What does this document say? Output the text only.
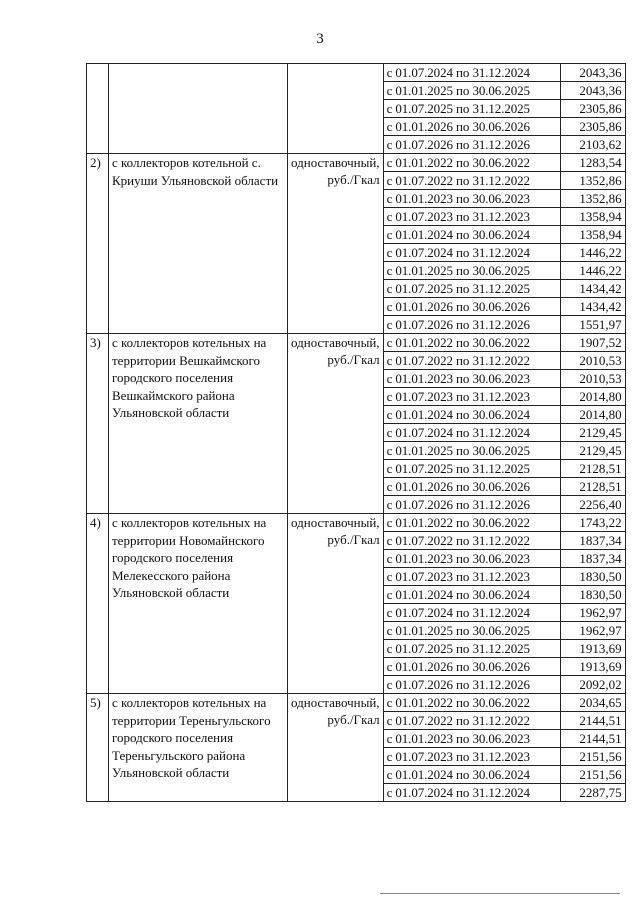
3
			с 01.07.2024 по 31.12.2024	2043,36
			с 01.01.2025 по 30.06.2025	2043,36
			с 01.07.2025 по 31.12.2025	2305,86
			с 01.01.2026 по 30.06.2026	2305,86
			с 01.07.2026 по 31.12.2026	2103,62
2)	с коллекторов котельной с. Криуши Ульяновской области	одноставочный, руб./Гкал	с 01.01.2022 по 30.06.2022	1283,54
			с 01.07.2022 по 31.12.2022	1352,86
			с 01.01.2023 по 30.06.2023	1352,86
			с 01.07.2023 по 31.12.2023	1358,94
			с 01.01.2024 по 30.06.2024	1358,94
			с 01.07.2024 по 31.12.2024	1446,22
			с 01.01.2025 по 30.06.2025	1446,22
			с 01.07.2025 по 31.12.2025	1434,42
			с 01.01.2026 по 30.06.2026	1434,42
			с 01.07.2026 по 31.12.2026	1551,97
3)	с коллекторов котельных на территории Вешкаймского городского поселения Вешкаймского района Ульяновской области	одноставочный, руб./Гкал	с 01.01.2022 по 30.06.2022	1907,52
			с 01.07.2022 по 31.12.2022	2010,53
			с 01.01.2023 по 30.06.2023	2010,53
			с 01.07.2023 по 31.12.2023	2014,80
			с 01.01.2024 по 30.06.2024	2014,80
			с 01.07.2024 по 31.12.2024	2129,45
			с 01.01.2025 по 30.06.2025	2129,45
			с 01.07.2025 по 31.12.2025	2128,51
			с 01.01.2026 по 30.06.2026	2128,51
			с 01.07.2026 по 31.12.2026	2256,40
4)	с коллекторов котельных на территории Новомайнского городского поселения Мелекесского района Ульяновской области	одноставочный, руб./Гкал	с 01.01.2022 по 30.06.2022	1743,22
			с 01.07.2022 по 31.12.2022	1837,34
			с 01.01.2023 по 30.06.2023	1837,34
			с 01.07.2023 по 31.12.2023	1830,50
			с 01.01.2024 по 30.06.2024	1830,50
			с 01.07.2024 по 31.12.2024	1962,97
			с 01.01.2025 по 30.06.2025	1962,97
			с 01.07.2025 по 31.12.2025	1913,69
			с 01.01.2026 по 30.06.2026	1913,69
			с 01.07.2026 по 31.12.2026	2092,02
5)	с коллекторов котельных на территории Тереньгульского городского поселения Тереньгульского района Ульяновской области	одноставочный, руб./Гкал	с 01.01.2022 по 30.06.2022	2034,65
			с 01.07.2022 по 31.12.2022	2144,51
			с 01.01.2023 по 30.06.2023	2144,51
			с 01.07.2023 по 31.12.2023	2151,56
			с 01.01.2024 по 30.06.2024	2151,56
			с 01.07.2024 по 31.12.2024	2287,75
